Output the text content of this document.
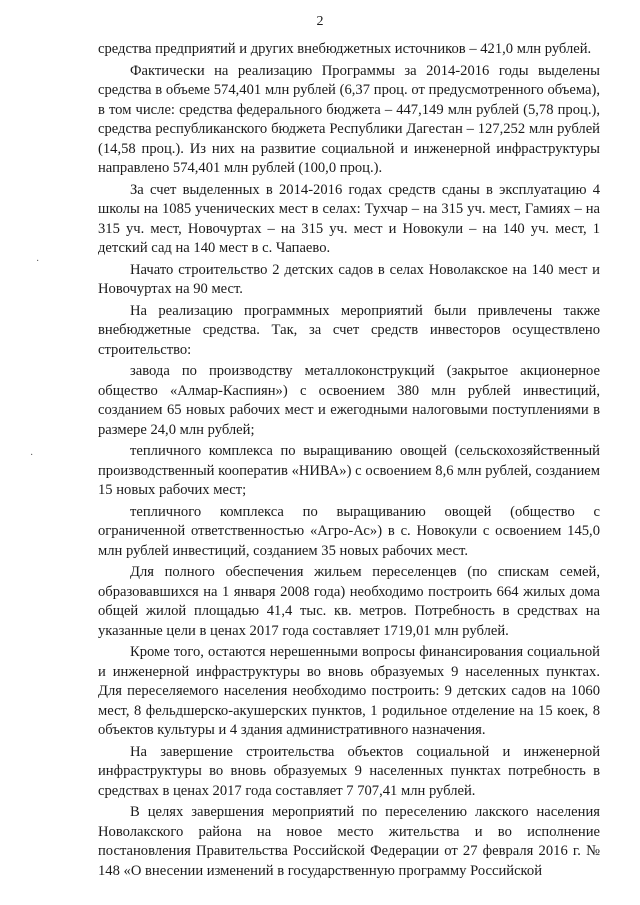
2

средства предприятий и других внебюджетных источников – 421,0 млн рублей.

Фактически на реализацию Программы за 2014-2016 годы выделены средства в объеме 574,401 млн рублей (6,37 проц. от предусмотренного объема), в том числе: средства федерального бюджета – 447,149 млн рублей (5,78 проц.), средства республиканского бюджета Республики Дагестан – 127,252 млн рублей (14,58 проц.). Из них на развитие социальной и инженерной инфраструктуры направлено 574,401 млн рублей (100,0 проц.).

За счет выделенных в 2014-2016 годах средств сданы в эксплуатацию 4 школы на 1085 ученических мест в селах: Тухчар – на 315 уч. мест, Гамиях – на 315 уч. мест, Новочуртах – на 315 уч. мест и Новокули – на 140 уч. мест, 1 детский сад на 140 мест в с. Чапаево.

Начато строительство 2 детских садов в селах Новолакское на 140 мест и Новочуртах на 90 мест.

На реализацию программных мероприятий были привлечены также внебюджетные средства. Так, за счет средств инвесторов осуществлено строительство:

завода по производству металлоконструкций (закрытое акционерное общество «Алмар-Каспиян») с освоением 380 млн рублей инвестиций, созданием 65 новых рабочих мест и ежегодными налоговыми поступлениями в размере 24,0 млн рублей;

тепличного комплекса по выращиванию овощей (сельскохозяйственный производственный кооператив «НИВА») с освоением 8,6 млн рублей, созданием 15 новых рабочих мест;

тепличного комплекса по выращиванию овощей (общество с ограниченной ответственностью «Агро-Ас») в с. Новокули с освоением 145,0 млн рублей инвестиций, созданием 35 новых рабочих мест.

Для полного обеспечения жильем переселенцев (по спискам семей, образовавшихся на 1 января 2008 года) необходимо построить 664 жилых дома общей жилой площадью 41,4 тыс. кв. метров. Потребность в средствах на указанные цели в ценах 2017 года составляет 1719,01 млн рублей.

Кроме того, остаются нерешенными вопросы финансирования социальной и инженерной инфраструктуры во вновь образуемых 9 населенных пунктах. Для переселяемого населения необходимо построить: 9 детских садов на 1060 мест, 8 фельдшерско-акушерских пунктов, 1 родильное отделение на 15 коек, 8 объектов культуры и 4 здания административного назначения.

На завершение строительства объектов социальной и инженерной инфраструктуры во вновь образуемых 9 населенных пунктах потребность в средствах в ценах 2017 года составляет 7 707,41 млн рублей.

В целях завершения мероприятий по переселению лакского населения Новолакского района на новое место жительства и во исполнение постановления Правительства Российской Федерации от 27 февраля 2016 г. № 148 «О внесении изменений в государственную программу Российской

·
·
